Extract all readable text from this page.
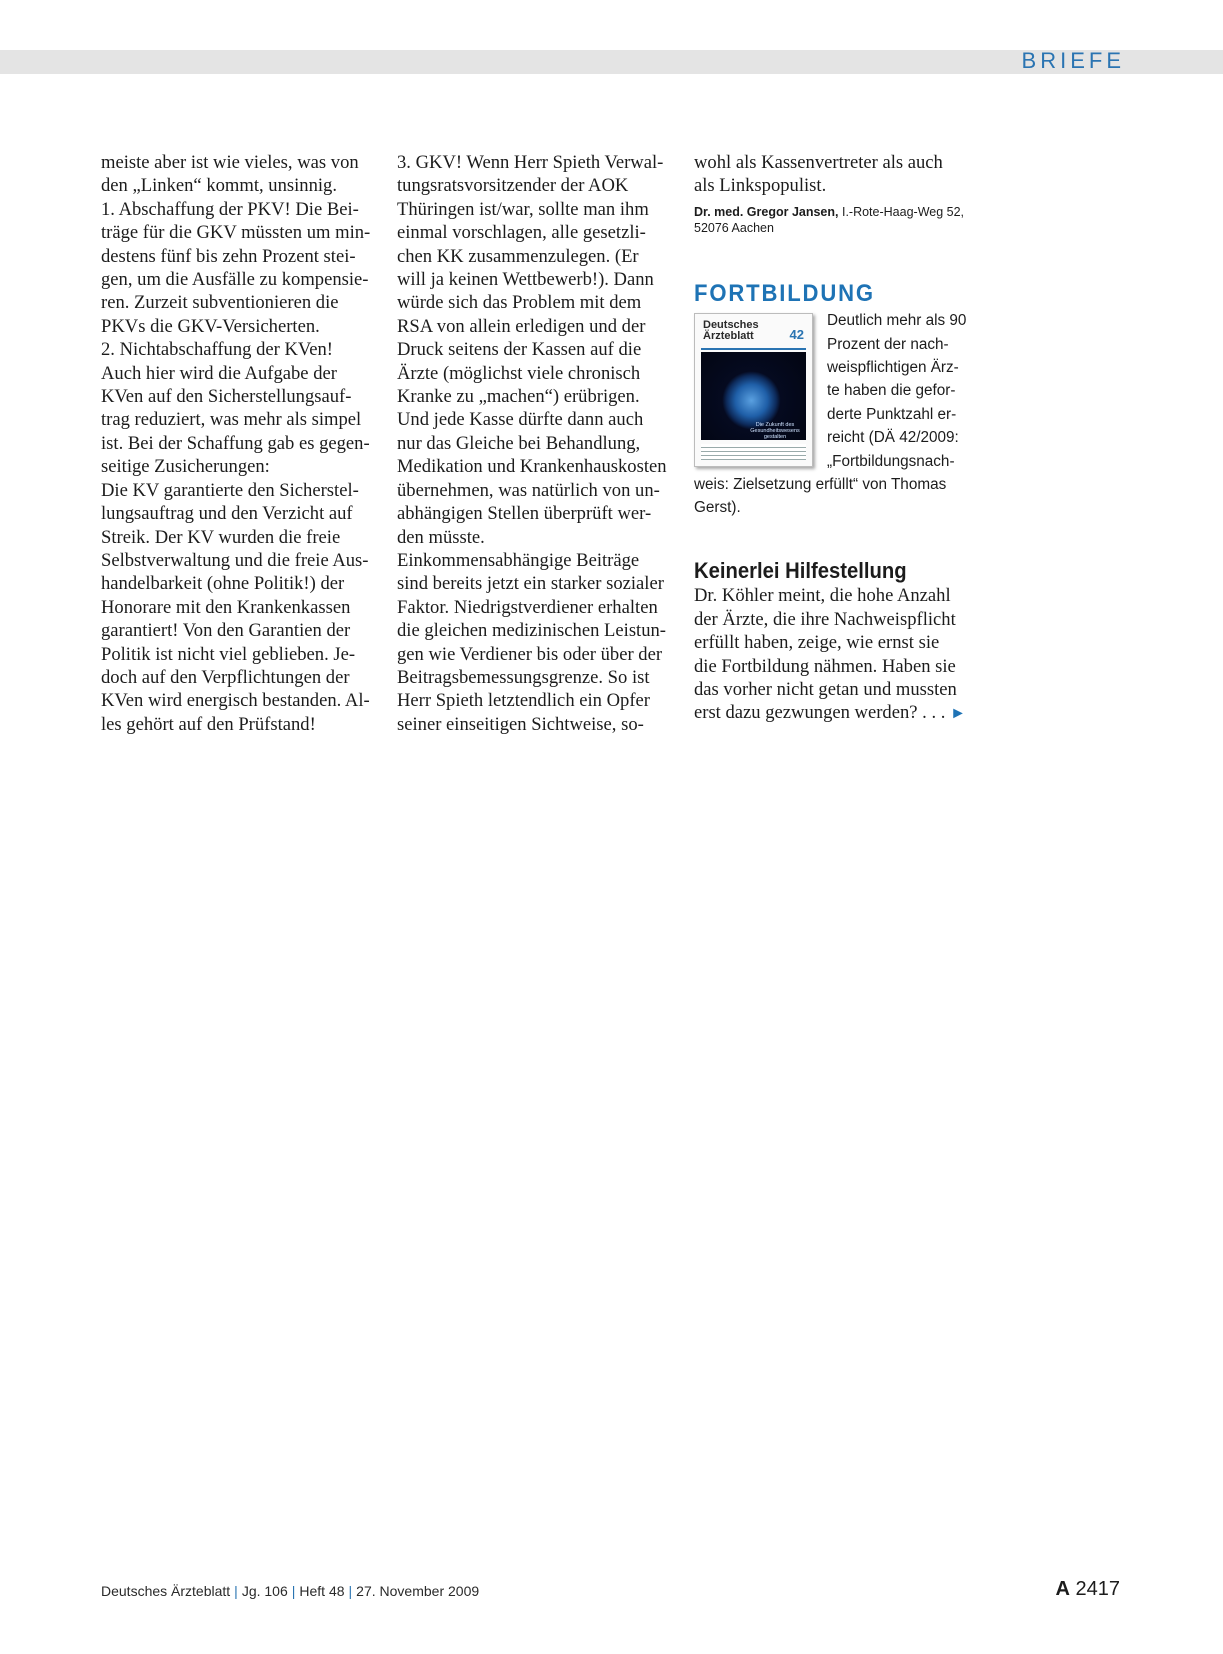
BRIEFE

meiste aber ist wie vieles, was von

den „Linken“ kommt, unsinnig.

1. Abschaffung der PKV! Die Bei-

träge für die GKV müssten um min-

destens fünf bis zehn Prozent stei-

gen, um die Ausfälle zu kompensie-

ren. Zurzeit subventionieren die

PKVs die GKV-Versicherten.

2. Nichtabschaffung der KVen!

Auch hier wird die Aufgabe der

KVen auf den Sicherstellungsauf-

trag reduziert, was mehr als simpel

ist. Bei der Schaffung gab es gegen-

seitige Zusicherungen:

Die KV garantierte den Sicherstel-

lungsauftrag und den Verzicht auf

Streik. Der KV wurden die freie

Selbstverwaltung und die freie Aus-

handelbarkeit (ohne Politik!) der

Honorare mit den Krankenkassen

garantiert! Von den Garantien der

Politik ist nicht viel geblieben. Je-

doch auf den Verpflichtungen der

KVen wird energisch bestanden. Al-

les gehört auf den Prüfstand!

3. GKV! Wenn Herr Spieth Verwal-

tungsratsvorsitzender der AOK

Thüringen ist/war, sollte man ihm

einmal vorschlagen, alle gesetzli-

chen KK zusammenzulegen. (Er

will ja keinen Wettbewerb!). Dann

würde sich das Problem mit dem

RSA von allein erledigen und der

Druck seitens der Kassen auf die

Ärzte (möglichst viele chronisch

Kranke zu „machen“) erübrigen.

Und jede Kasse dürfte dann auch

nur das Gleiche bei Behandlung,

Medikation und Krankenhauskosten

übernehmen, was natürlich von un-

abhängigen Stellen überprüft wer-

den müsste.

Einkommensabhängige Beiträge

sind bereits jetzt ein starker sozialer

Faktor. Niedrigstverdiener erhalten

die gleichen medizinischen Leistun-

gen wie Verdiener bis oder über der

Beitragsbemessungsgrenze. So ist

Herr Spieth letztendlich ein Opfer

seiner einseitigen Sichtweise, so-

wohl als Kassenvertreter als auch

als Linkspopulist.

Dr. med. Gregor Jansen, I.-Rote-Haag-Weg 52,
52076 Aachen

FORTBILDUNG

Deutsches
Ärzteblatt	42
Die Zukunft des Gesundheitswesens gestalten

Deutlich mehr als 90

Prozent der nach-

weispflichtigen Ärz-

te haben die gefor-

derte Punktzahl er-

reicht (DÄ 42/2009:

„Fortbildungsnach-

weis: Zielsetzung erfüllt“ von Thomas

Gerst).

Keinerlei Hilfestellung

Dr. Köhler meint, die hohe Anzahl

der Ärzte, die ihre Nachweispflicht

erfüllt haben, zeige, wie ernst sie

die Fortbildung nähmen. Haben sie

das vorher nicht getan und mussten

erst dazu gezwungen werden? . . . ►

Deutsches Ärzteblatt | Jg. 106 | Heft 48 | 27. November 2009	A 2417
